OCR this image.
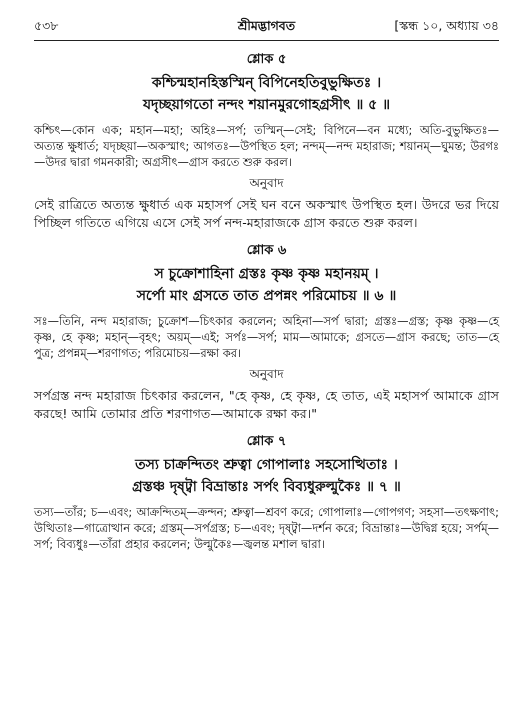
৫৩৮	শ্রীমদ্ভাগবত	[স্কন্ধ ১০, অধ্যায় ৩৪
শ্লোক ৫
কশ্চিন্মহানহিস্তস্মিন্ বিপিনেহতিবুভুক্ষিতঃ ।
যদৃচ্ছয়াগতো নন্দং শয়ানমুরগোহগ্রসীৎ ॥ ৫ ॥
কশ্চিৎ—কোন এক; মহান—মহা; অহিঃ—সর্প; তস্মিন্—সেই; বিপিনে—বন মধ্যে; অতি-বুভুক্ষিতঃ—অত্যন্ত ক্ষুধার্ত; যদৃচ্ছয়া—অকস্মাৎ; আগতঃ—উপস্থিত হল; নন্দম্—নন্দ মহারাজ; শয়ানম্—ঘুমন্ত; উরগঃ—উদর দ্বারা গমনকারী; অগ্রসীৎ—গ্রাস করতে শুরু করল।
অনুবাদ
সেই রাত্রিতে অত্যন্ত ক্ষুধার্ত এক মহাসর্প সেই ঘন বনে অকস্মাৎ উপস্থিত হল। উদরে ভর দিয়ে পিচ্ছিল গতিতে এগিয়ে এসে সেই সর্প নন্দ-মহারাজকে গ্রাস করতে শুরু করল।
শ্লোক ৬
স চুক্রোশাহিনা গ্রস্তঃ কৃষ্ণ কৃষ্ণ মহানয়ম্ ।
সর্পো মাং গ্রসতে তাত প্রপন্নং পরিমোচয় ॥ ৬ ॥
সঃ—তিনি, নন্দ মহারাজ; চুক্রোশ—চিৎকার করলেন; অহিনা—সর্প দ্বারা; গ্রস্তঃ—গ্রস্ত; কৃষ্ণ কৃষ্ণ—হে কৃষ্ণ, হে কৃষ্ণ; মহান্—বৃহৎ; অয়ম্—এই; সর্পঃ—সর্প; মাম—আমাকে; গ্রসতে—গ্রাস করছে; তাত—হে পুত্র; প্রপন্নম্—শরণাগত; পরিমোচয়—রক্ষা কর।
অনুবাদ
সর্পগ্রস্ত নন্দ মহারাজ চিৎকার করলেন, "হে কৃষ্ণ, হে কৃষ্ণ, হে তাত, এই মহাসর্প আমাকে গ্রাস করছে! আমি তোমার প্রতি শরণাগত—আমাকে রক্ষা কর।"
শ্লোক ৭
তস্য চাক্রন্দিতং শ্রুত্বা গোপালাঃ সহসোত্থিতাঃ ।
গ্রস্তঞ্চ দৃষ্ট্বা বিভ্রান্তাঃ সর্পং বিব্যধুরুল্মুকৈঃ ॥ ৭ ॥
তস্য—তাঁর; চ—এবং; আক্রন্দিতম্—ক্রন্দন; শ্রুত্বা—শ্রবণ করে; গোপালাঃ—গোপগণ; সহসা—তৎক্ষণাৎ; উত্থিতাঃ—গাত্রোত্থান করে; গ্রস্তম্—সর্পগ্রস্ত; চ—এবং; দৃষ্ট্বা—দর্শন করে; বিভ্রান্তাঃ—উদ্বিগ্ন হয়ে; সর্পম্—সর্প; বিব্যধুঃ—তাঁরা প্রহার করলেন; উল্মুকৈঃ—জ্বলন্ত মশাল দ্বারা।
